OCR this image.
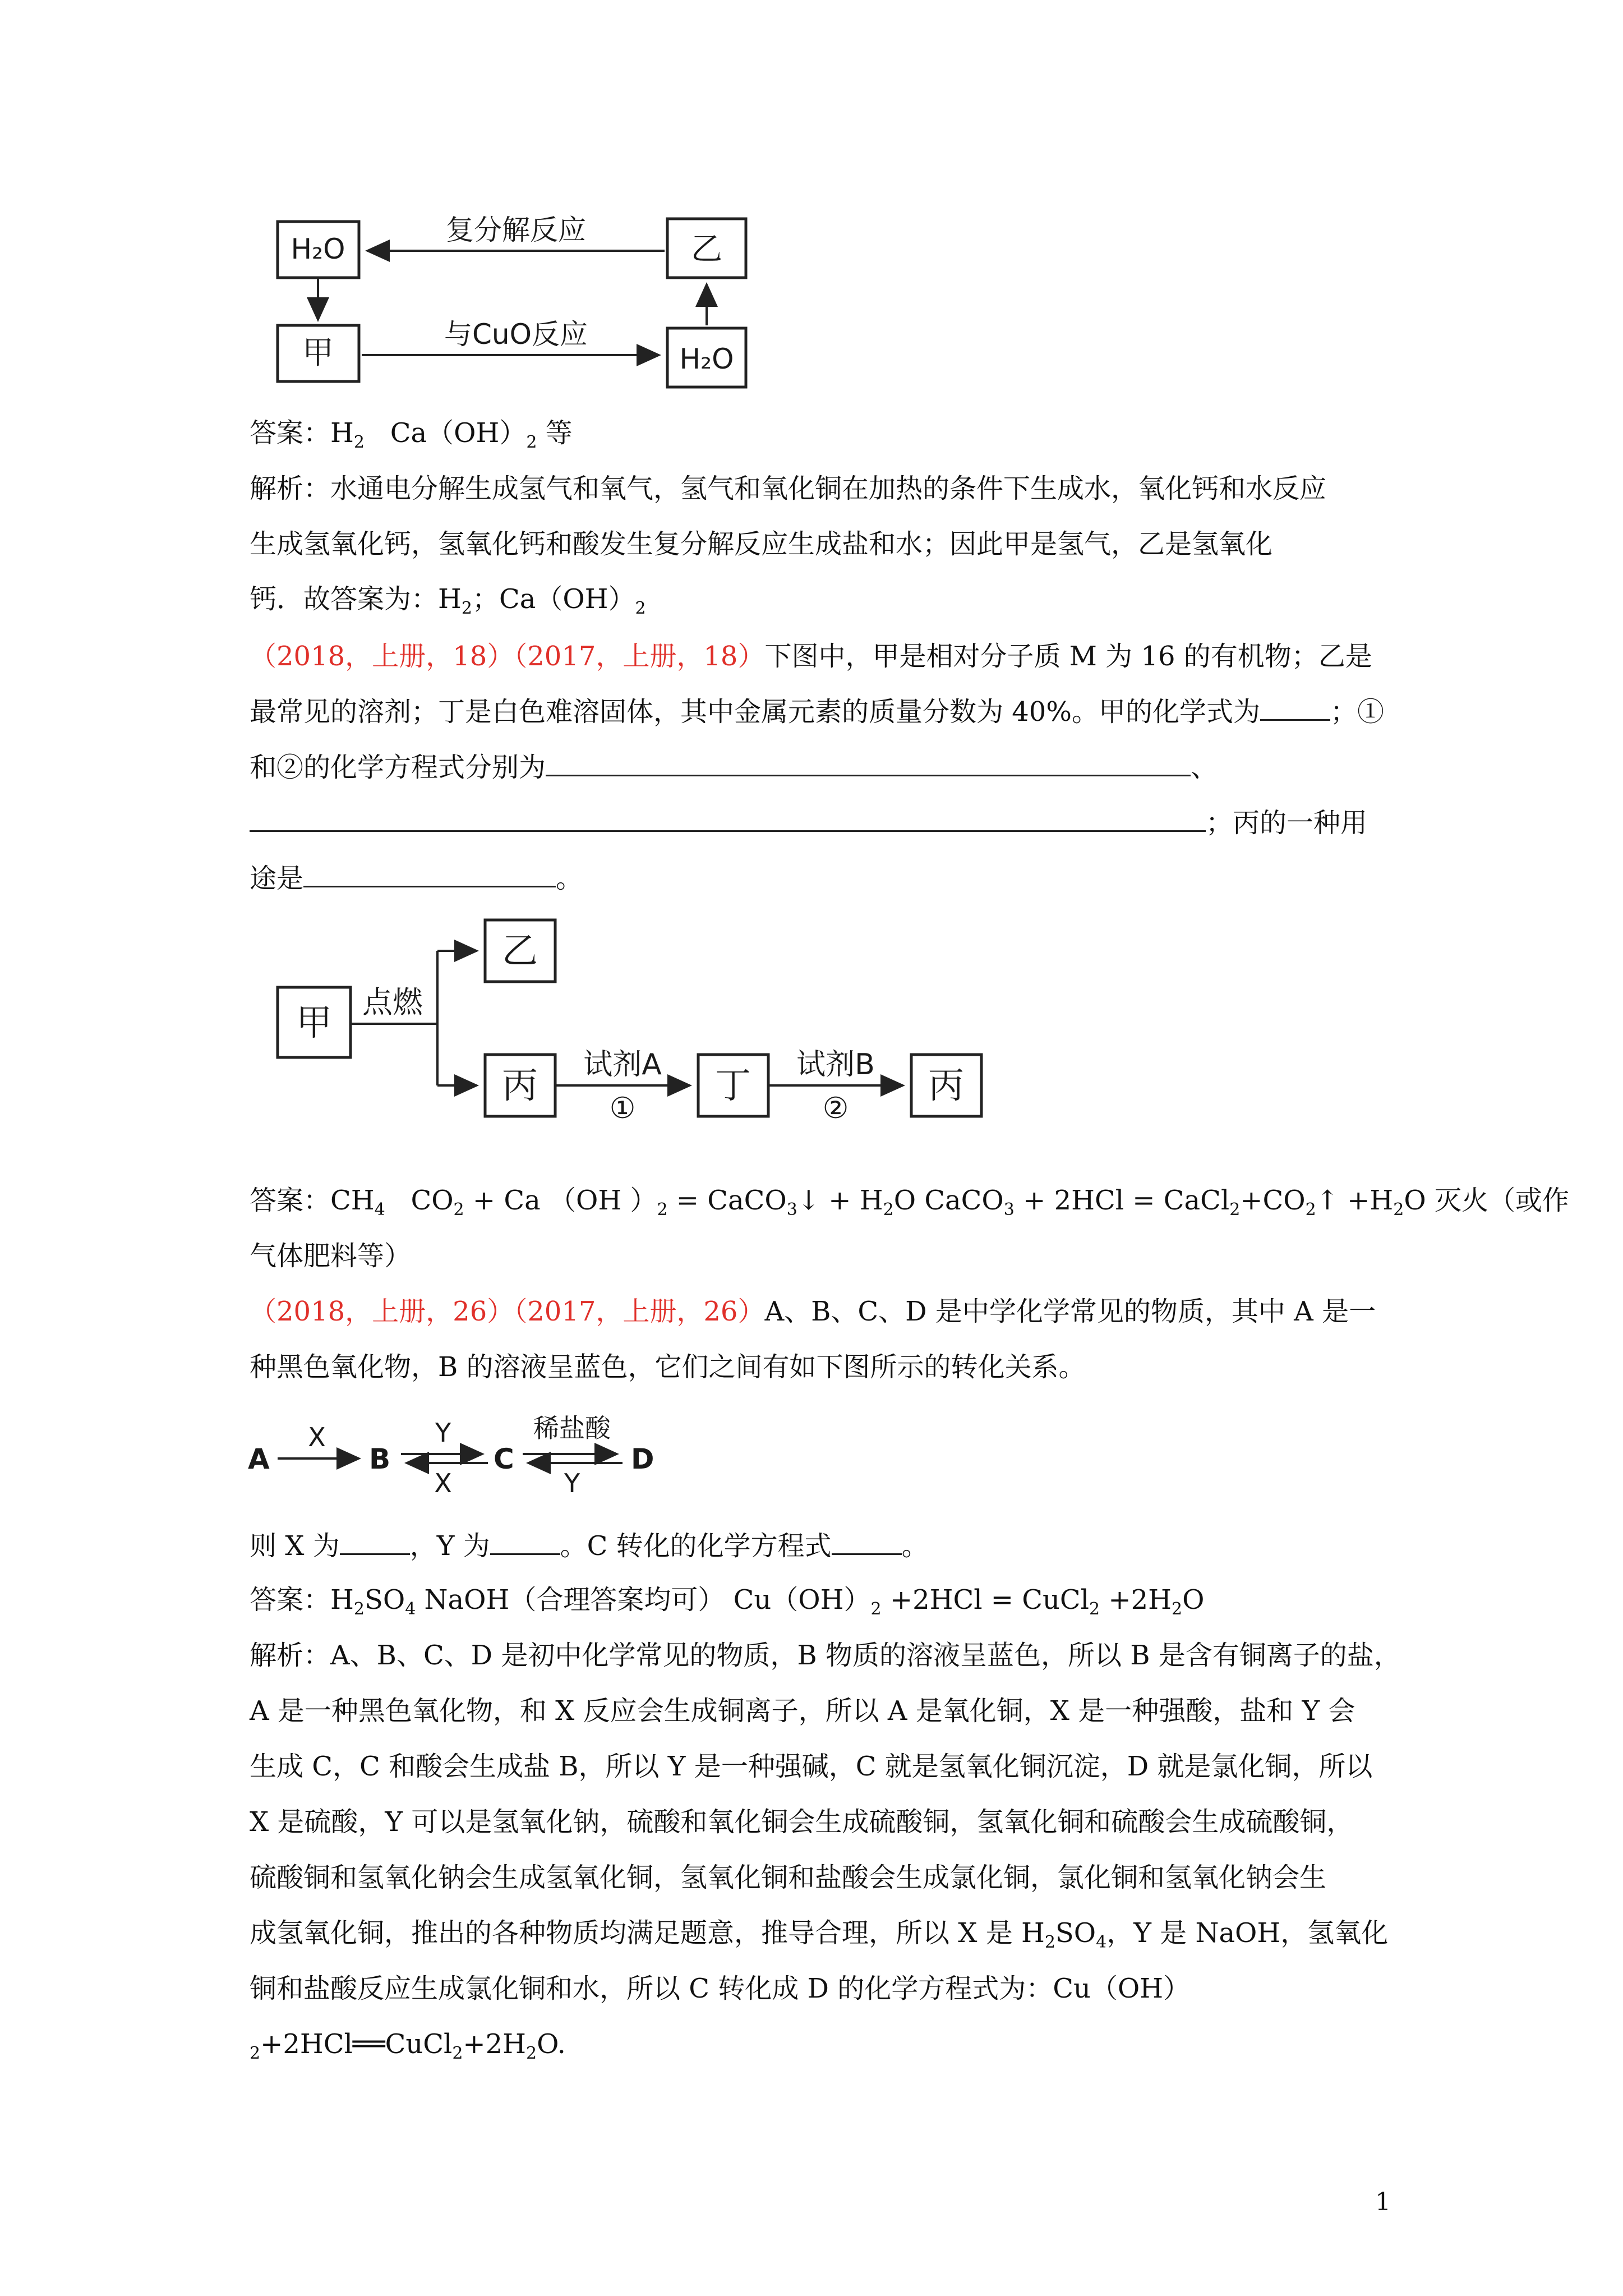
H₂O	乙
甲	H₂O
复分解反应
与CuO反应
答案：$H_2$ $Ca(OH)_2$ 等
解析：水通电分解生成氢气和氧气，氢气和氧化铜在加热的条件下生成水，氧化钙和水反应
生成氢氧化钙，氢氧化钙和酸发生复分解反应生成盐和水；因此甲是氢气，乙是氢氧化
钙．故答案为：$H_2$；$Ca(OH)_2$
（2018，上册，18）（2017，上册，18）下图中，甲是相对分子质 M 为 16 的有机物；乙是
最常见的溶剂；丁是白色难溶固体，其中金属元素的质量分数为 40%。甲的化学式为	；①
和②的化学方程式分别为	、
；丙的一种用
途是	。
甲
点燃
乙
丙
试剂A
①
丁
试剂B
②
丙
答案：$CH_4$ $CO_2 + Ca$ （OH ）$_2$ = CaCO$_3$↓ + $H_2O$ CaCO$_3$ + $2HCl = CaCl_2+CO_2↑ +H_2O$ 灭火（或作
气体肥料等）
（2018，上册，26）（2017，上册，26）A、B、C、D 是中学化学常见的物质，其中 A 是一
种黑色氧化物，B 的溶液呈蓝色，它们之间有如下图所示的转化关系。
A
X
B
Y
X
C
稀盐酸
Y
D
则 X 为	，Y 为	。C 转化的化学方程式	。
答案：$H_2SO_4$ NaOH（合理答案均可） $Cu(OH)_2 +2HCl$ = CuCl$_2$ $+2H_2O$
解析：A、B、C、D 是初中化学常见的物质，B 物质的溶液呈蓝色，所以 B 是含有铜离子的盐，
A 是一种黑色氧化物，和 X 反应会生成铜离子，所以 A 是氧化铜，X 是一种强酸，盐和 Y 会
生成 C，C 和酸会生成盐 B，所以 Y 是一种强碱，C 就是氢氧化铜沉淀，D 就是氯化铜，所以
X 是硫酸，Y 可以是氢氧化钠，硫酸和氧化铜会生成硫酸铜，氢氧化铜和硫酸会生成硫酸铜，
硫酸铜和氢氧化钠会生成氢氧化铜，氢氧化铜和盐酸会生成氯化铜，氯化铜和氢氧化钠会生
成氢氧化铜，推出的各种物质均满足题意，推导合理，所以 X 是 $H_2SO_4$，Y 是 NaOH，氢氧化
铜和盐酸反应生成氯化铜和水，所以 C 转化成 D 的化学方程式为：Cu（OH）
$_2+2HCl══CuCl_2+2H_2O$.
1
